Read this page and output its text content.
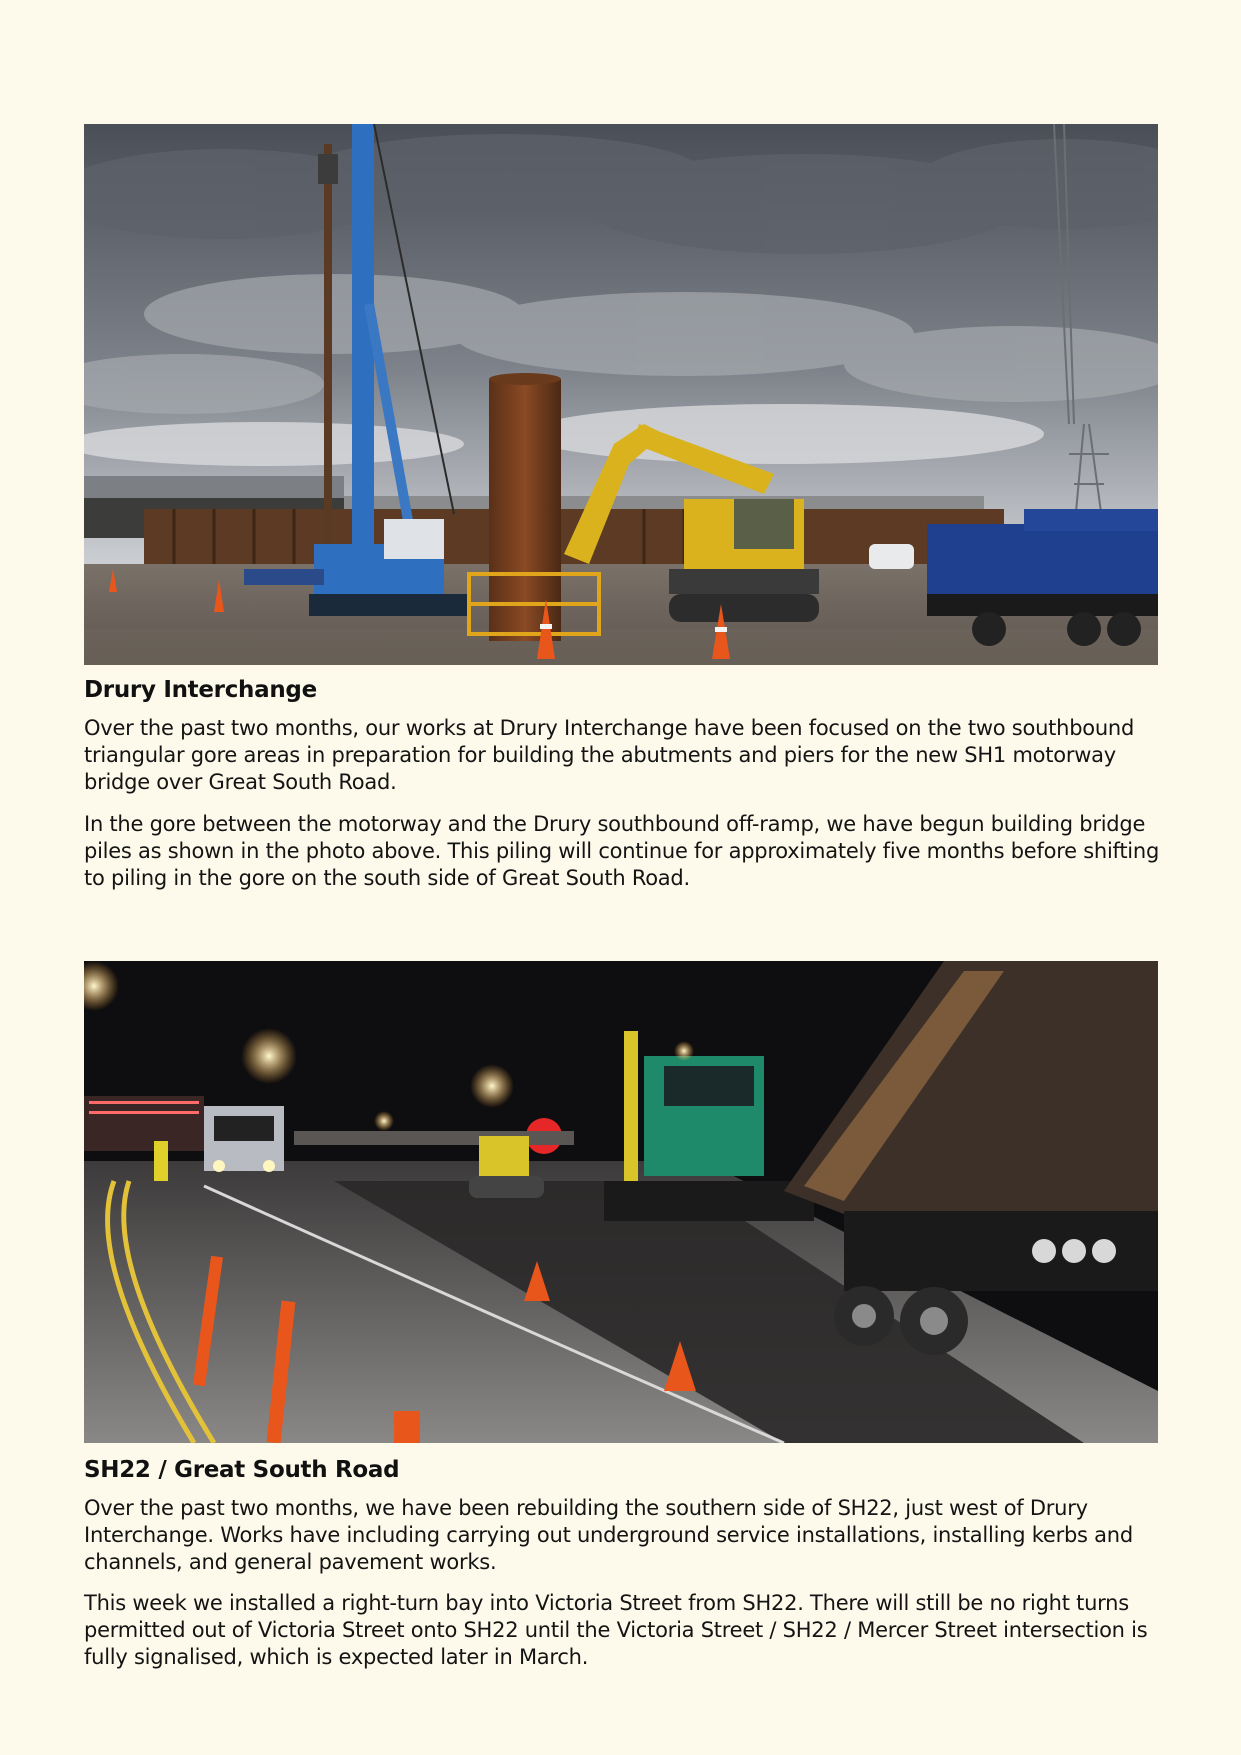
Drury Interchange

Over the past two months, our works at Drury Interchange have been focused on the two southbound triangular gore areas in preparation for building the abutments and piers for the new SH1 motorway bridge over Great South Road.

In the gore between the motorway and the Drury southbound off-ramp, we have begun building bridge piles as shown in the photo above. This piling will continue for approximately five months before shifting to piling in the gore on the south side of Great South Road.

SH22 / Great South Road

Over the past two months, we have been rebuilding the southern side of SH22, just west of Drury Interchange. Works have including carrying out underground service installations, installing kerbs and channels, and general pavement works.

This week we installed a right-turn bay into Victoria Street from SH22. There will still be no right turns permitted out of Victoria Street onto SH22 until the Victoria Street / SH22 / Mercer Street intersection is fully signalised, which is expected later in March.
